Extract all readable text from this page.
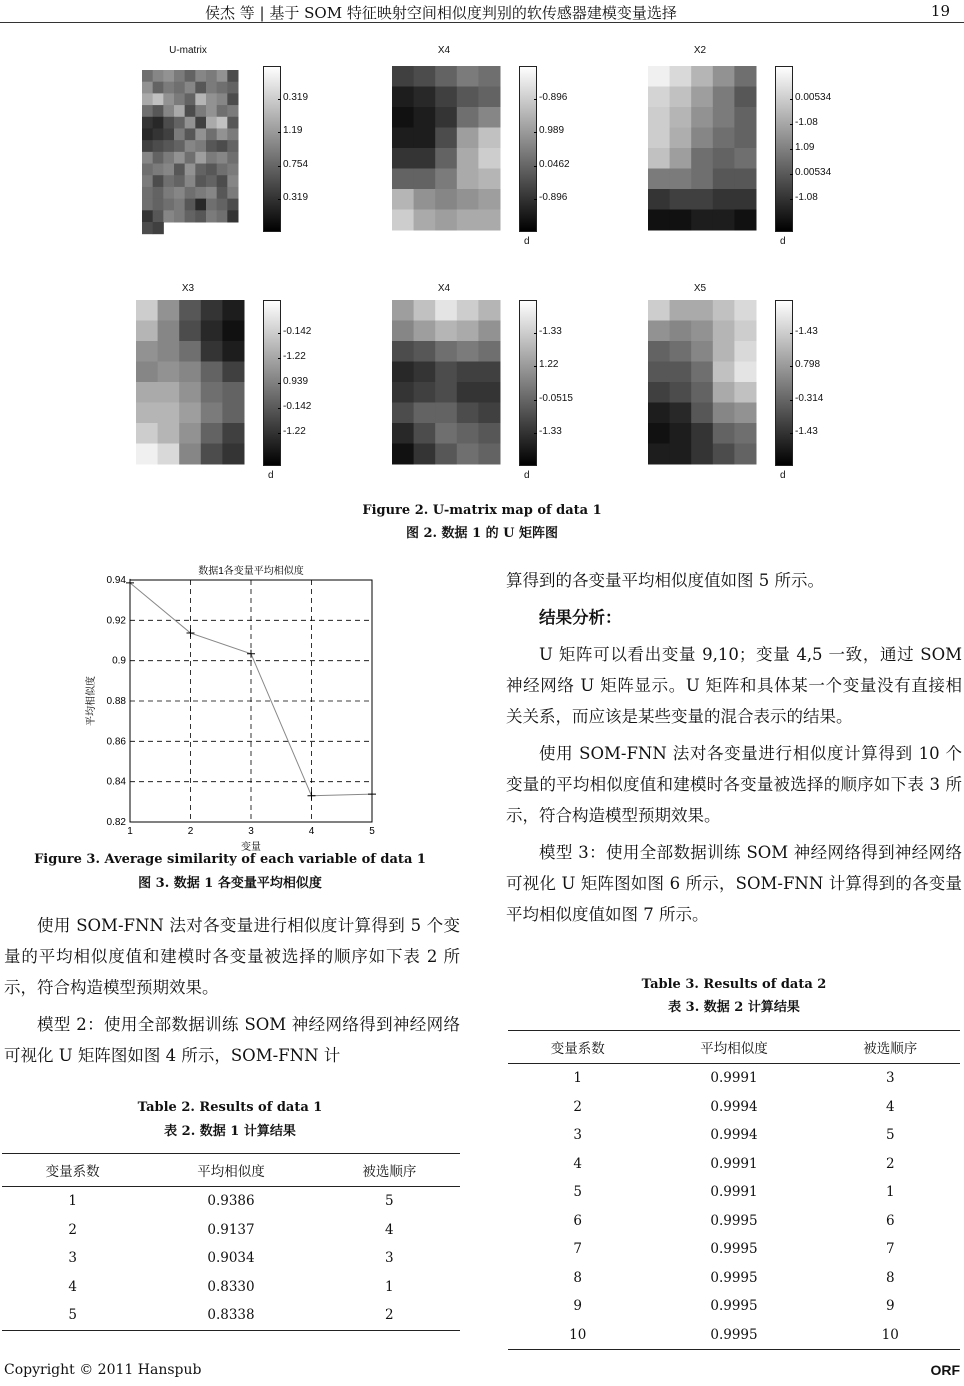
侯杰 等 | 基于 SOM 特征映射空间相似度判别的软传感器建模变量选择	19
U-matrix
0.319
1.19
0.754
0.319
X4
-0.896
0.989
0.0462
-0.896
d
X2
0.00534
-1.08
1.09
0.00534
-1.08
d
X3
-0.142
-1.22
0.939
-0.142
-1.22
d
X4
-1.33
1.22
-0.0515
-1.33
d
X5
-1.43
0.798
-0.314
-1.43
d
Figure 2. U-matrix map of data 1
图 2. 数据 1 的 U 矩阵图
0.94
0.92
0.9
0.88
0.86
0.84
0.82
1	2	3	4	5
数据1各变量平均相似度
变量
平均相似度
Figure 3. Average similarity of each variable of data 1
图 3. 数据 1 各变量平均相似度

使用 SOM-FNN 法对各变量进行相似度计算得到 5 个变量的平均相似度值和建模时各变量被选择的顺序如下表 2 所示，符合构造模型预期效果。

模型 2：使用全部数据训练 SOM 神经网络得到神经网络可视化 U 矩阵图如图 4 所示，SOM-FNN 计

Table 2. Results of data 1
表 2. 数据 1 计算结果
变量系数	平均相似度	被选顺序
1	0.9386	5
2	0.9137	4
3	0.9034	3
4	0.8330	1
5	0.8338	2

算得到的各变量平均相似度值如图 5 所示。

结果分析：

U 矩阵可以看出变量 9,10；变量 4,5 一致，通过 SOM 神经网络 U 矩阵显示。U 矩阵和具体某一个变量没有直接相关关系，而应该是某些变量的混合表示的结果。

使用 SOM-FNN 法对各变量进行相似度计算得到 10 个变量的平均相似度值和建模时各变量被选择的顺序如下表 3 所示，符合构造模型预期效果。

模型 3：使用全部数据训练 SOM 神经网络得到神经网络可视化 U 矩阵图如图 6 所示，SOM-FNN 计算得到的各变量平均相似度值如图 7 所示。

Table 3. Results of data 2
表 3. 数据 2 计算结果
变量系数	平均相似度	被选顺序
1	0.9991	3
2	0.9994	4
3	0.9994	5
4	0.9991	2
5	0.9991	1
6	0.9995	6
7	0.9995	7
8	0.9995	8
9	0.9995	9
10	0.9995	10
Copyright © 2011 Hanspub	ORF
